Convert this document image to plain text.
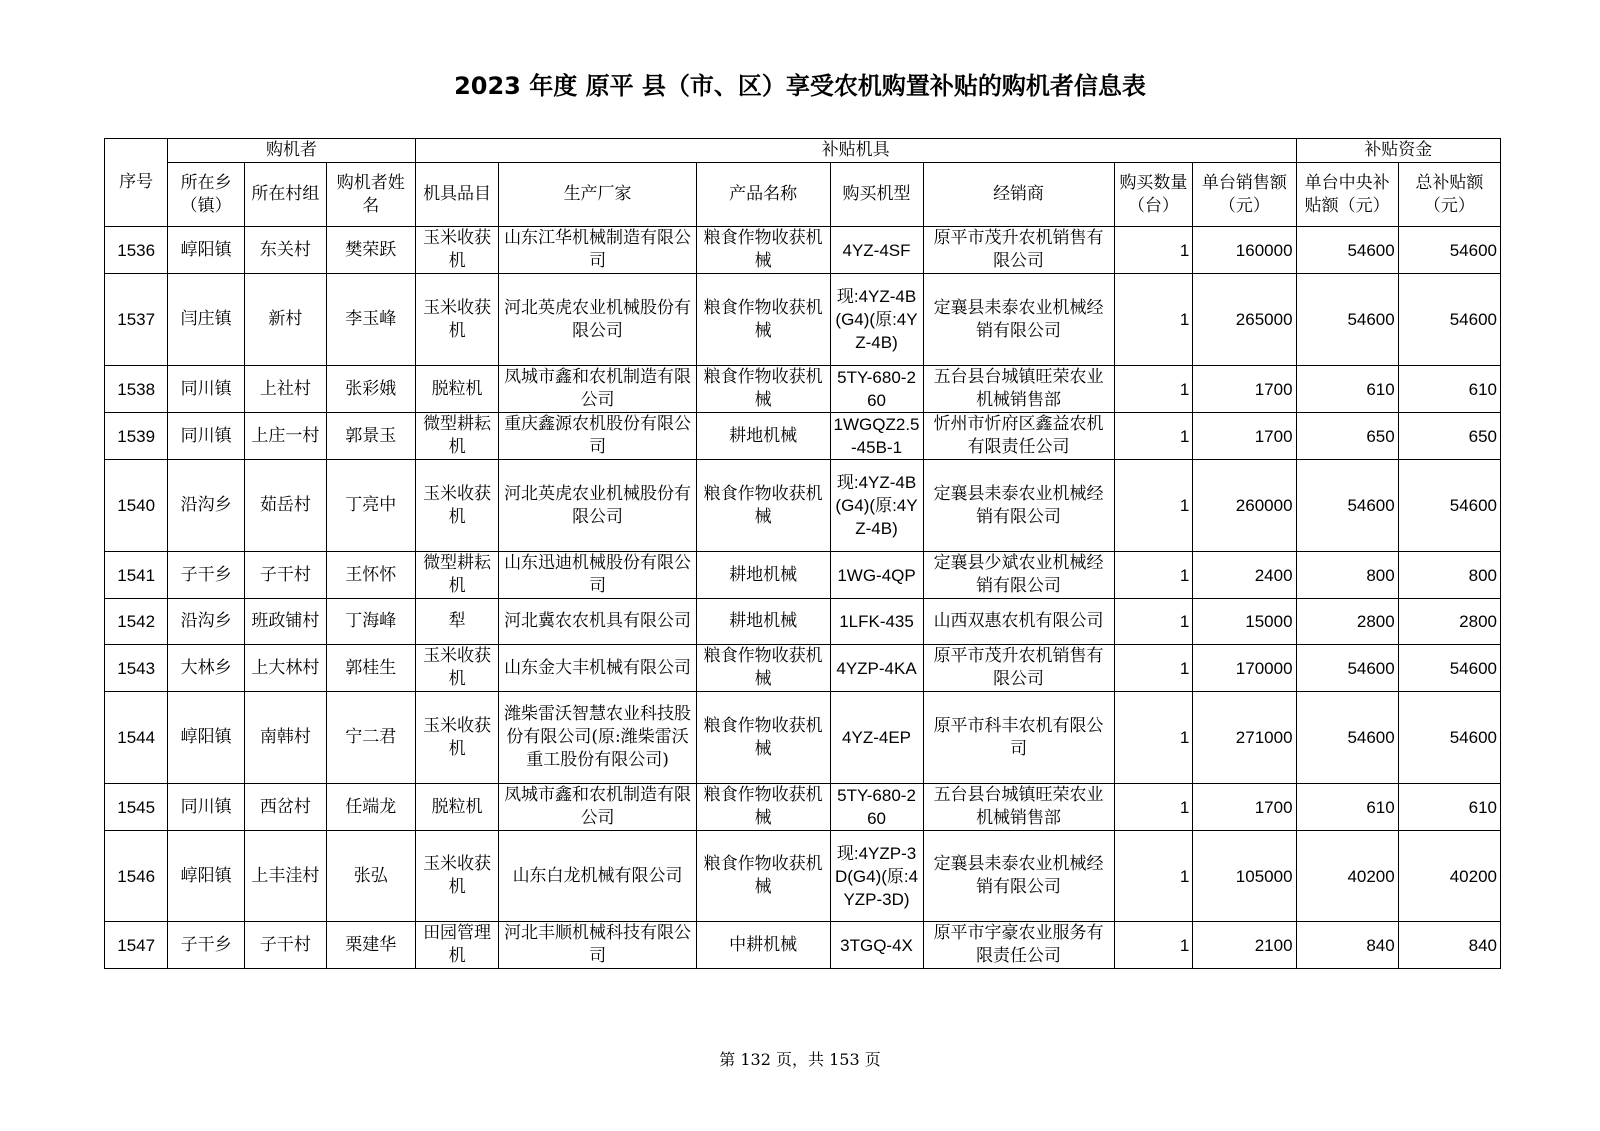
2023 年度 原平 县（市、区）享受农机购置补贴的购机者信息表
序号	购机者			补贴机具							补贴资金	
	所在乡（镇）	所在村组	购机者姓名	机具品目	生产厂家	产品名称	购买机型	经销商	购买数量（台）	单台销售额（元）	单台中央补贴额（元）	总补贴额（元）
1536	崞阳镇	东关村	樊荣跃	玉米收获机	山东江华机械制造有限公司	粮食作物收获机械	4YZ-4SF	原平市茂升农机销售有限公司	1	160000	54600	54600
1537	闫庄镇	新村	李玉峰	玉米收获机	河北英虎农业机械股份有限公司	粮食作物收获机械	现:4YZ-4B(G4)(原:4YZ-4B)	定襄县耒泰农业机械经销有限公司	1	265000	54600	54600
1538	同川镇	上社村	张彩娥	脱粒机	凤城市鑫和农机制造有限公司	粮食作物收获机械	5TY-680-260	五台县台城镇旺荣农业机械销售部	1	1700	610	610
1539	同川镇	上庄一村	郭景玉	微型耕耘机	重庆鑫源农机股份有限公司	耕地机械	1WGQZ2.5-45B-1	忻州市忻府区鑫益农机有限责任公司	1	1700	650	650
1540	沿沟乡	茹岳村	丁亮中	玉米收获机	河北英虎农业机械股份有限公司	粮食作物收获机械	现:4YZ-4B(G4)(原:4YZ-4B)	定襄县耒泰农业机械经销有限公司	1	260000	54600	54600
1541	子干乡	子干村	王怀怀	微型耕耘机	山东迅迪机械股份有限公司	耕地机械	1WG-4QP	定襄县少斌农业机械经销有限公司	1	2400	800	800
1542	沿沟乡	班政铺村	丁海峰	犁	河北冀农农机具有限公司	耕地机械	1LFK-435	山西双惠农机有限公司	1	15000	2800	2800
1543	大林乡	上大林村	郭桂生	玉米收获机	山东金大丰机械有限公司	粮食作物收获机械	4YZP-4KA	原平市茂升农机销售有限公司	1	170000	54600	54600
1544	崞阳镇	南韩村	宁二君	玉米收获机	潍柴雷沃智慧农业科技股份有限公司(原:潍柴雷沃重工股份有限公司)	粮食作物收获机械	4YZ-4EP	原平市科丰农机有限公司	1	271000	54600	54600
1545	同川镇	西岔村	任端龙	脱粒机	凤城市鑫和农机制造有限公司	粮食作物收获机械	5TY-680-260	五台县台城镇旺荣农业机械销售部	1	1700	610	610
1546	崞阳镇	上丰洼村	张弘	玉米收获机	山东白龙机械有限公司	粮食作物收获机械	现:4YZP-3D(G4)(原:4YZP-3D)	定襄县耒泰农业机械经销有限公司	1	105000	40200	40200
1547	子干乡	子干村	栗建华	田园管理机	河北丰顺机械科技有限公司	中耕机械	3TGQ-4X	原平市宇豪农业服务有限责任公司	1	2100	840	840
第 132 页，共 153 页
